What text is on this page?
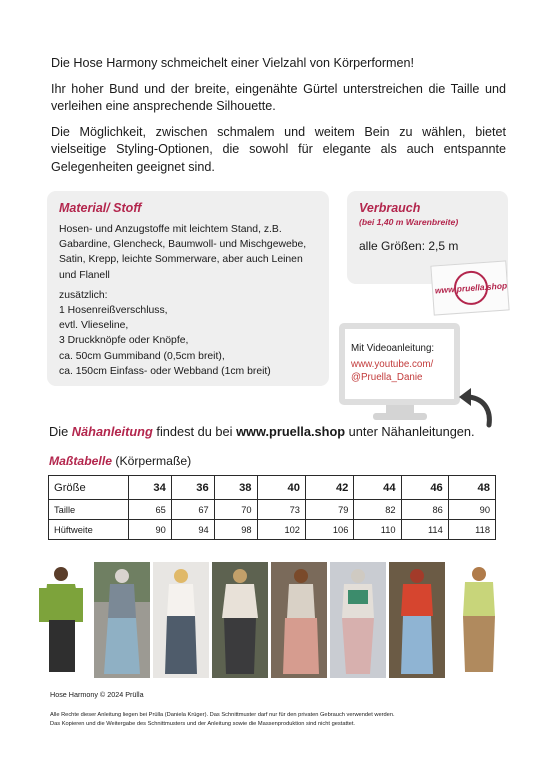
Die Hose Harmony schmeichelt einer Vielzahl von Körperformen!

Ihr hoher Bund und der breite, eingenähte Gürtel unterstreichen die Taille und verleihen eine ansprechende Silhouette.

Die Möglichkeit, zwischen schmalem und weitem Bein zu wählen, bietet vielseitige Styling-Optionen, die sowohl für elegante als auch entspannte Gelegenheiten geeignet sind.

Material/ Stoff
Hosen- und Anzugstoffe mit leichtem Stand, z.B. Gabardine, Glencheck, Baumwoll- und Mischgewebe, Satin, Krepp, leichte Sommerware, aber auch Leinen und Flanell
zusätzlich:
1 Hosenreißverschluss,
evtl. Vlieseline,
3 Druckknöpfe oder Knöpfe,
ca. 50cm Gummiband (0,5cm breit),
ca. 150cm Einfass- oder Webband (1cm breit)
Verbrauch
(bei 1,40 m Warenbreite)
alle Größen: 2,5 m
www.pruella.shop
Mit Videoanleitung:
www.youtube.com/
@Pruella_Danie
Die Nähanleitung findest du bei www.pruella.shop unter Nähanleitungen.
Maßtabelle (Körpermaße)
Größe	34	36	38	40	42	44	46	48
Taille	65	67	70	73	79	82	86	90
Hüftweite	90	94	98	102	106	110	114	118
Hose Harmony © 2024 Prülla
Alle Rechte dieser Anleitung liegen bei Prülla (Daniela Krüger). Das Schnittmuster darf nur für den privaten Gebrauch verwendet werden.
Das Kopieren und die Weitergabe des Schnittmusters und der Anleitung sowie die Massenproduktion sind nicht gestattet.
